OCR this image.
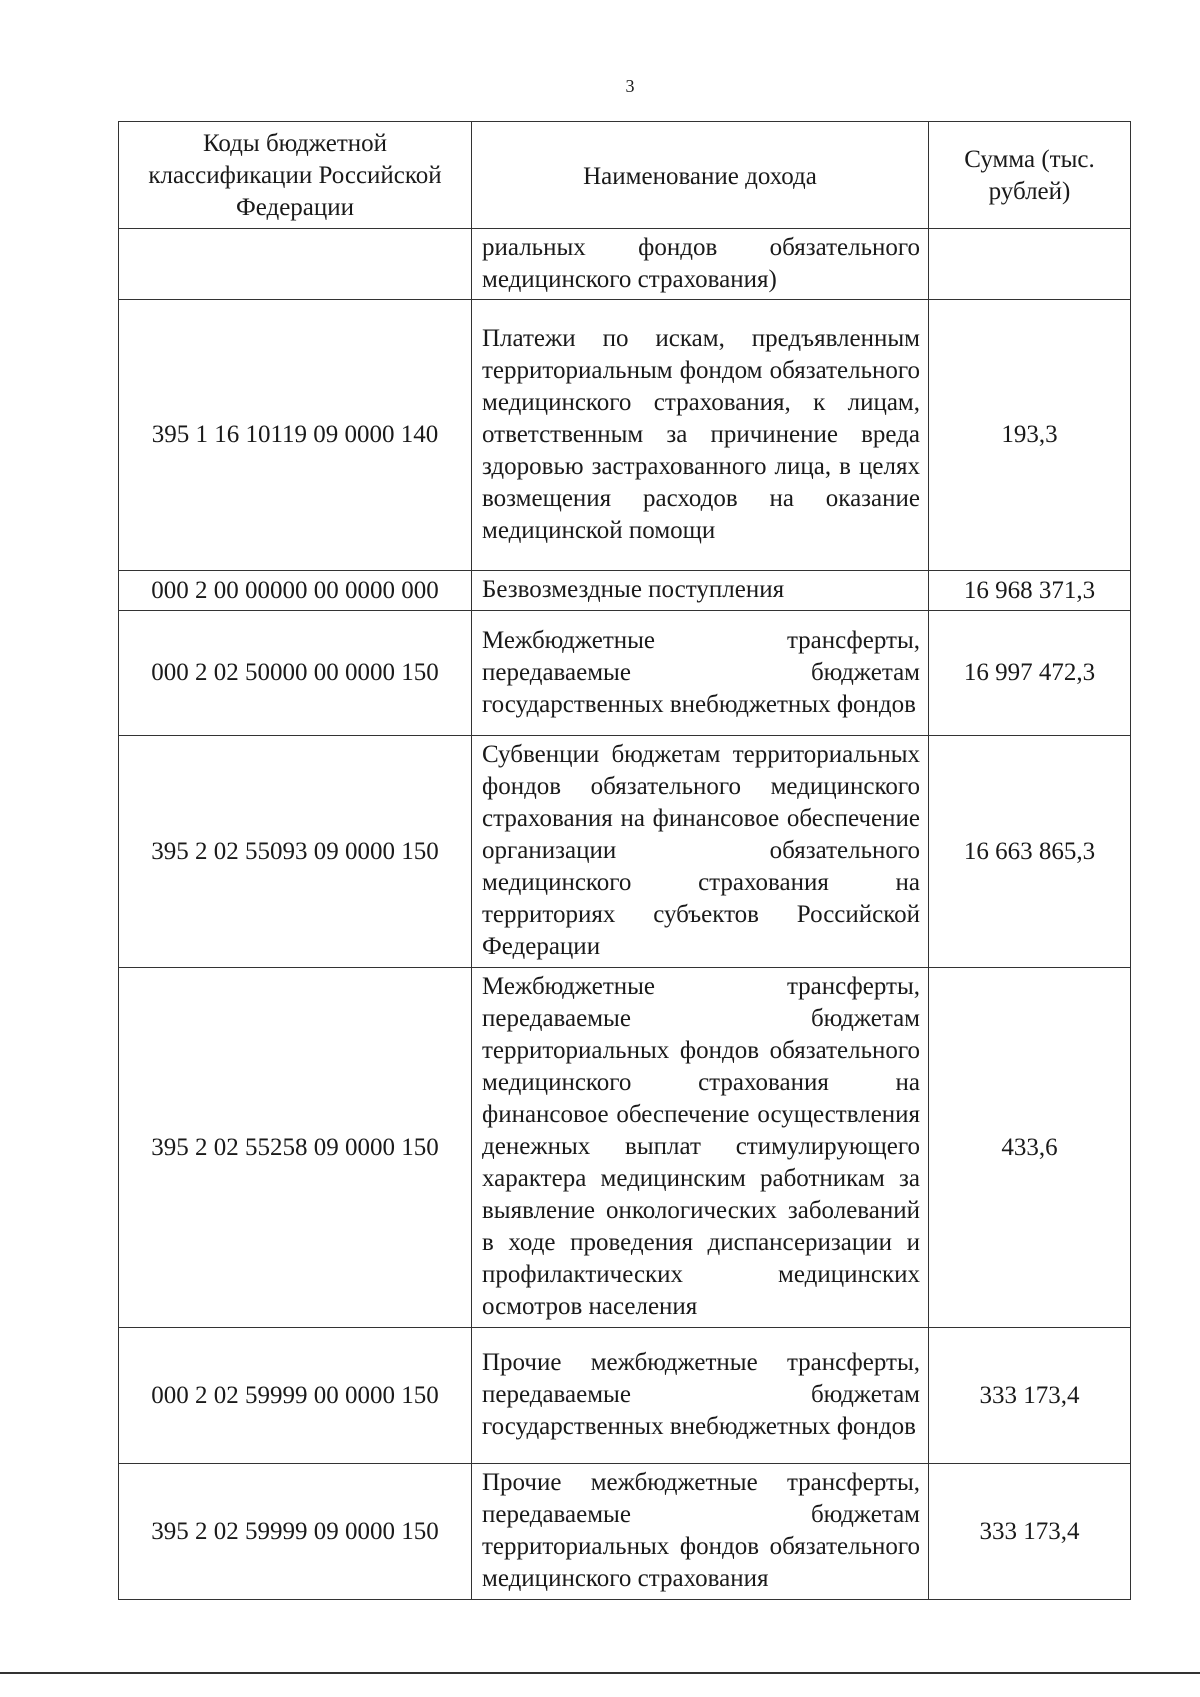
3
Коды бюджетной классификации Российской Федерации	Наименование дохода	Сумма (тыс. рублей)
	риальных фондов обязательного медицинского страхования)	
395 1 16 10119 09 0000 140	Платежи по искам, предъявленным территориальным фондом обязательного медицинского страхования, к лицам, ответственным за причинение вреда здоровью застрахованного лица, в целях возмещения расходов на оказание медицинской помощи	193,3
000 2 00 00000 00 0000 000	Безвозмездные поступления	16 968 371,3
000 2 02 50000 00 0000 150	Межбюджетные трансферты, передаваемые бюджетам государственных внебюджетных фондов	16 997 472,3
395 2 02 55093 09 0000 150	Субвенции бюджетам территориальных фондов обязательного медицинского страхования на финансовое обеспечение организации обязательного медицинского страхования на территориях субъектов Российской Федерации	16 663 865,3
395 2 02 55258 09 0000 150	Межбюджетные трансферты, передаваемые бюджетам территориальных фондов обязательного медицинского страхования на финансовое обеспечение осуществления денежных выплат стимулирующего характера медицинским работникам за выявление онкологических заболеваний в ходе проведения диспансеризации и профилактических медицинских осмотров населения	433,6
000 2 02 59999 00 0000 150	Прочие межбюджетные трансферты, передаваемые бюджетам государственных внебюджетных фондов	333 173,4
395 2 02 59999 09 0000 150	Прочие межбюджетные трансферты, передаваемые бюджетам территориальных фондов обязательного медицинского страхования	333 173,4
